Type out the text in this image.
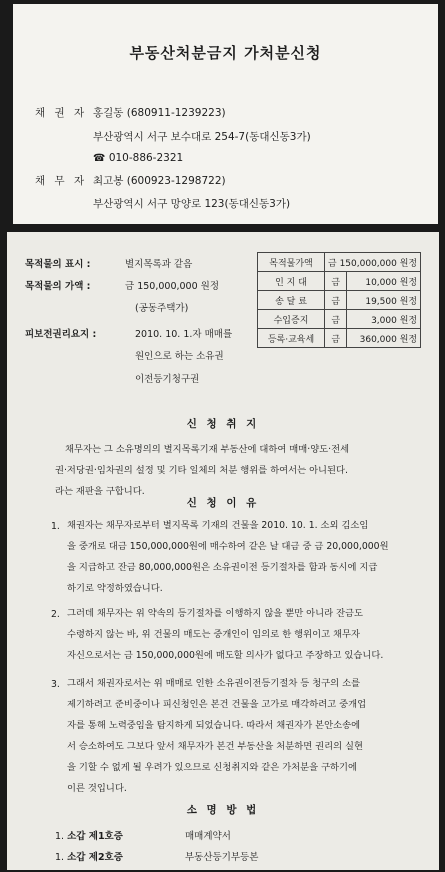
부동산처분금지 가처분신청
채 권 자 홍길동 (680911-1239223)
부산광역시 서구 보수대로 254-7(동대신동3가)
☎ 010-886-2321
채 무 자 최고봉 (600923-1298722)
부산광역시 서구 망양로 123(동대신동3가)
목적물의 표시 :	별지목록과 같음
목적물의 가액 :	금 150,000,000 원정
(공동주택가)
피보전권리요지 :	2010. 10. 1.자 매매를
원인으로 하는 소유권
이전등기청구권
목적물가액	금 150,000,000 원정	
인 지 대	금	10,000 원정
송 달 료	금	19,500 원정
수입증지	금	3,000 원정
등록·교육세	금	360,000 원정
신 청 취 지
채무자는 그 소유명의의 별지목록기재 부동산에 대하여 매매·양도·전세
권·저당권·임차권의 설정 및 기타 일체의 처분 행위를 하여서는 아니된다.
라는 재판을 구합니다.
신 청 이 유
1. 채권자는 채무자로부터 별지목록 기재의 건물을 2010. 10. 1. 소외 김소임
을 중개로 대금 150,000,000원에 매수하여 같은 날 대금 중 금 20,000,000원
을 지급하고 잔금 80,000,000원은 소유권이전 등기절차를 함과 동시에 지급
하기로 약정하였습니다.
2. 그러데 채무자는 위 약속의 등기절차를 이행하지 않을 뿐만 아니라 잔금도
수령하지 않는 바, 위 건물의 매도는 중개인이 임의로 한 행위이고 채무자
자신으로서는 금 150,000,000원에 매도할 의사가 없다고 주장하고 있습니다.
3. 그래서 채권자로서는 위 매매로 인한 소유권이전등기절차 등 청구의 소를
제기하려고 준비중이나 피신청인은 본건 건물을 고가로 매각하려고 중개업
자를 통해 노력중임을 탐지하게 되었습니다. 따라서 채권자가 본안소송에
서 승소하여도 그보다 앞서 채무자가 본건 부동산을 처분하면 권리의 실현
을 기할 수 없게 될 우려가 있으므로 신청취지와 같은 가처분을 구하기에
이른 것입니다.
소 명 방 법
1. 소갑 제1호증	매매계약서
1. 소갑 제2호증	부동산등기부등본
